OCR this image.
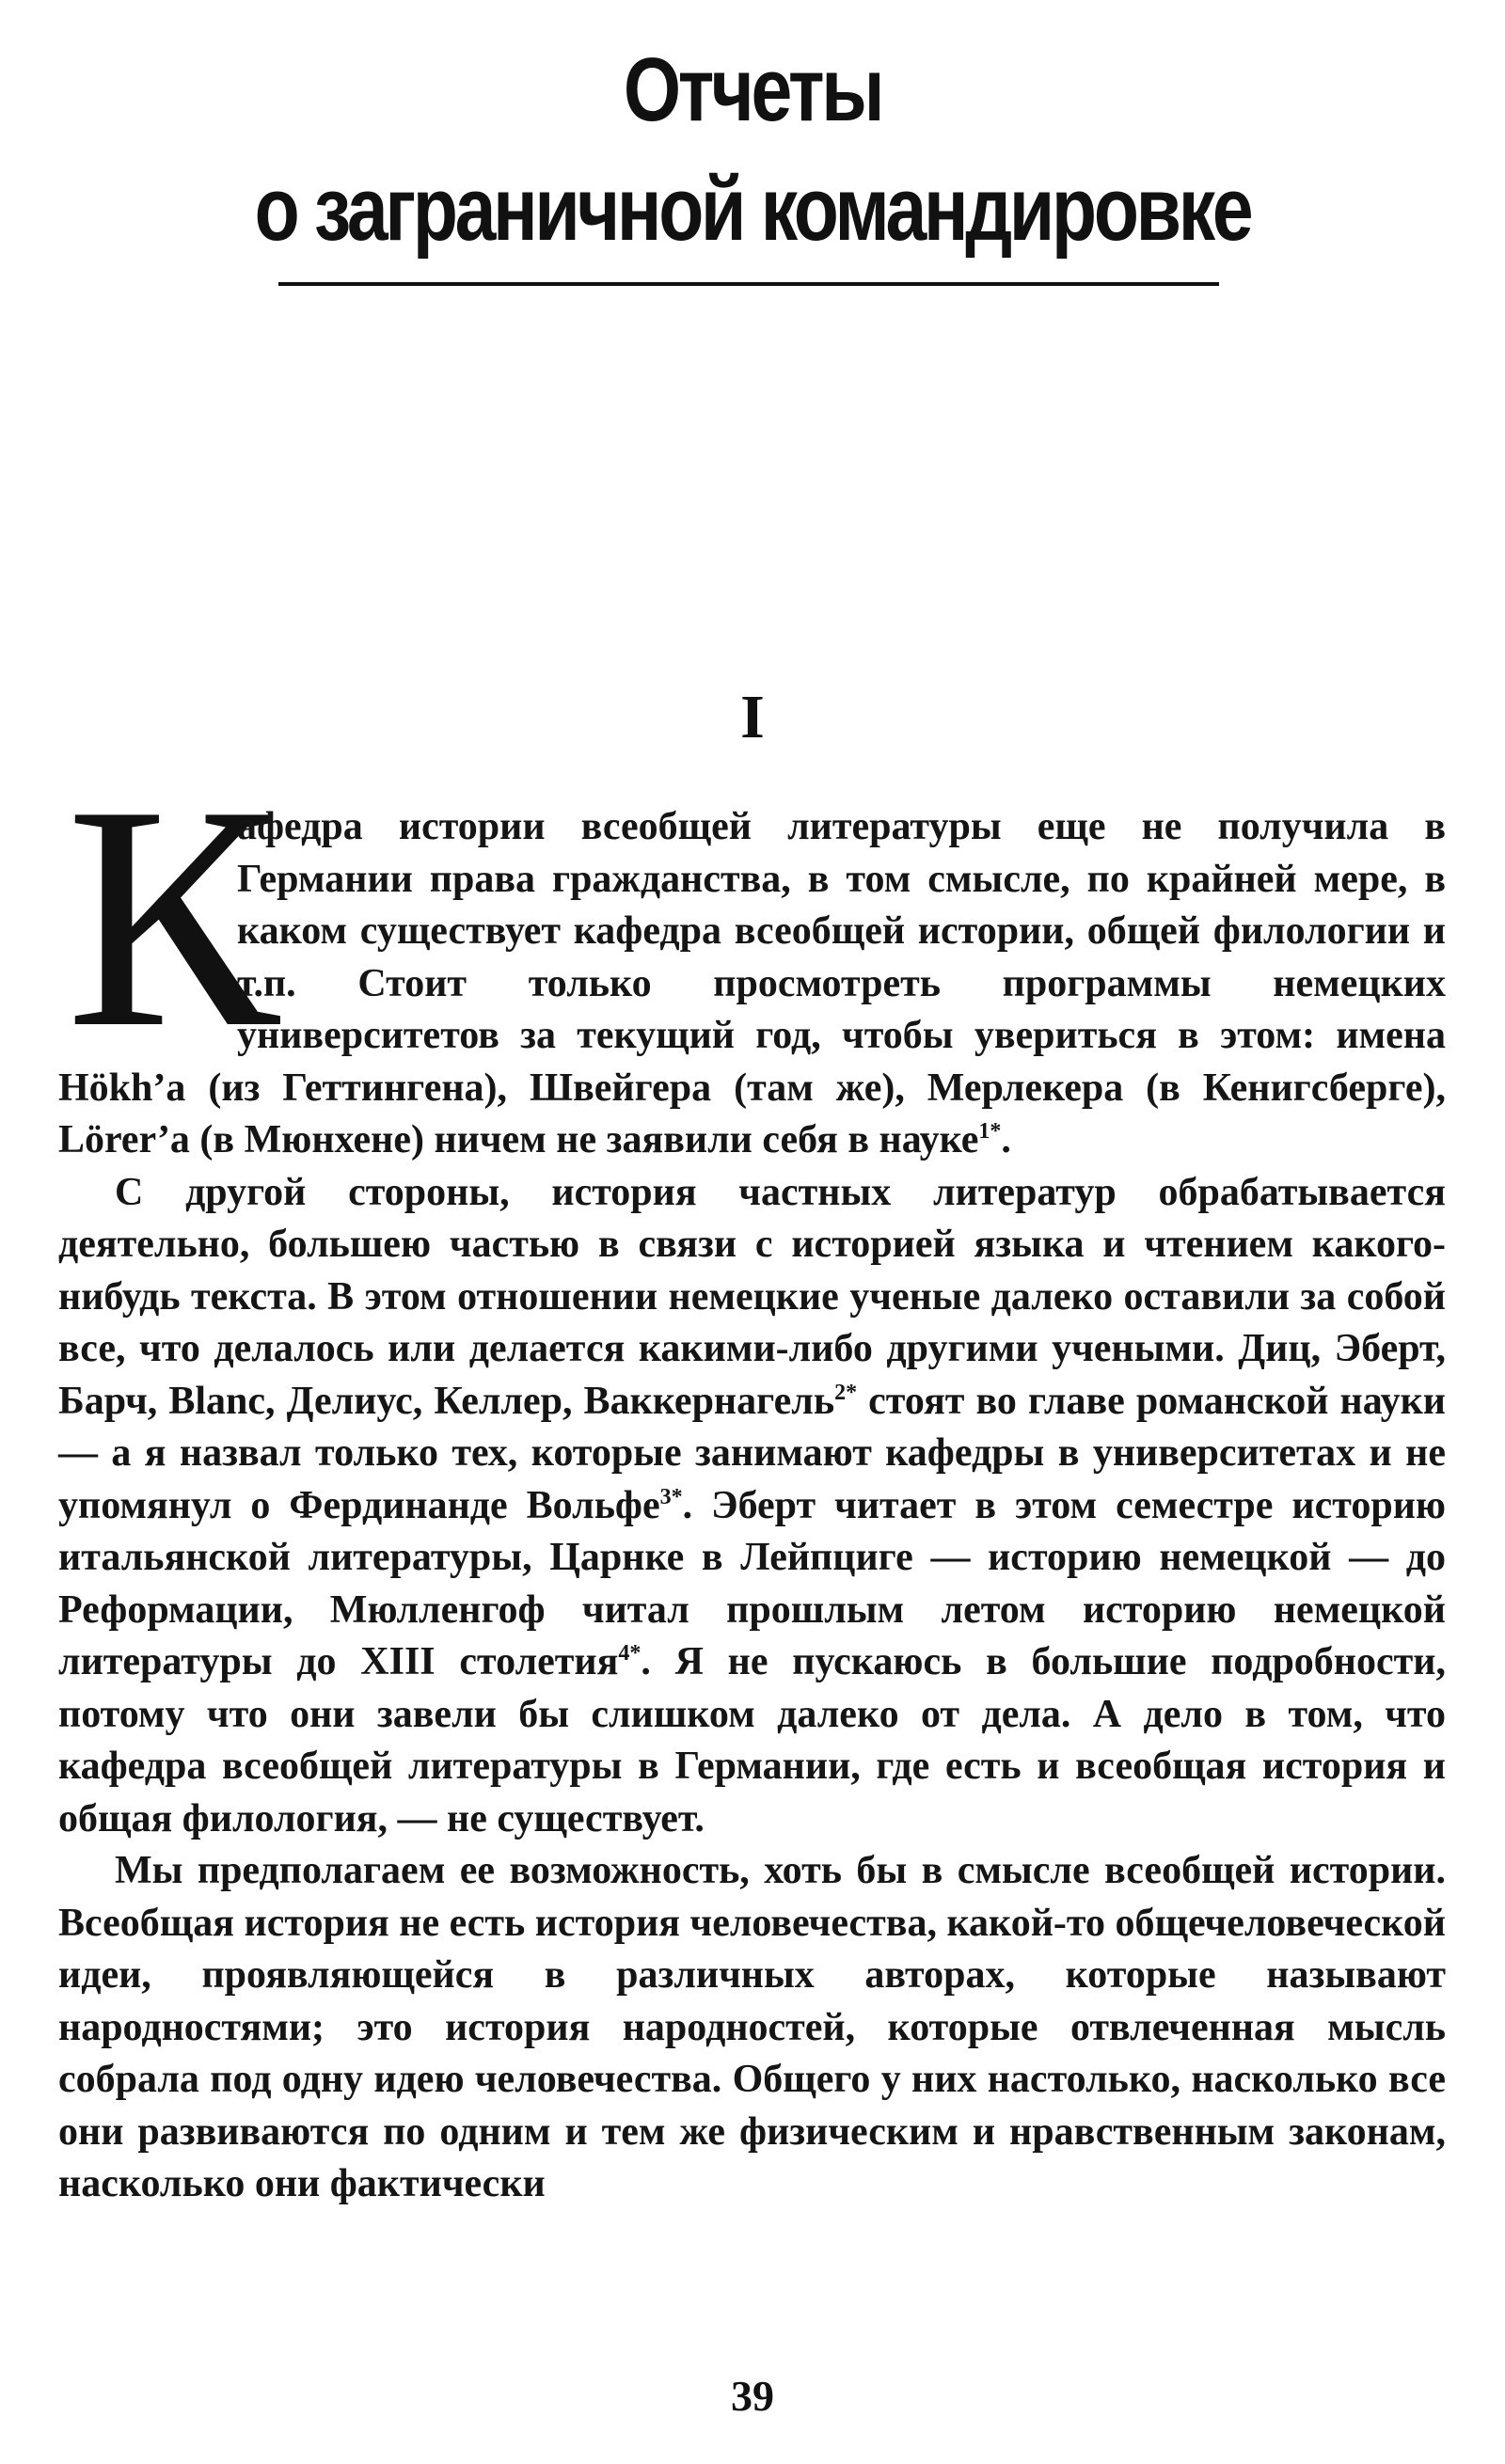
Отчеты
о заграничной командировке
I
К

афедра истории всеобщей литературы еще не получила в Германии права гражданства, в том смысле, по крайней мере, в каком существует кафедра всеобщей истории, общей филологии и т.п. Стоит только просмотреть программы немецких университетов за текущий год, чтобы увериться в этом: имена Hökh’a (из Геттингена), Швейгера (там же), Мерлекера (в Кенигсберге), Lörer’a (в Мюнхене) ничем не заявили себя в науке$^{1*}$.

С другой стороны, история частных литератур обрабатывается деятельно, большею частью в связи с историей языка и чтением какого-нибудь текста. В этом отношении немецкие ученые далеко оставили за собой все, что делалось или делается какими-либо другими учеными. Диц, Эберт, Барч, Blanc, Делиус, Келлер, Ваккернагель$^{2*}$ стоят во главе романской науки — а я назвал только тех, которые занимают кафедры в университетах и не упомянул о Фердинанде Вольфе$^{3*}$. Эберт читает в этом семестре историю итальянской литературы, Царнке в Лейпциге — историю немецкой — до Реформации, Мюлленгоф читал прошлым летом историю немецкой литературы до XIII столетия$^{4*}$. Я не пускаюсь в большие подробности, потому что они завели бы слишком далеко от дела. А дело в том, что кафедра всеобщей литературы в Германии, где есть и всеобщая история и общая филология, — не существует.

Мы предполагаем ее возможность, хоть бы в смысле всеобщей истории. Всеобщая история не есть история человечества, какой-то общечеловеческой идеи, проявляющейся в различных авторах, которые называют народностями; это история народностей, которые отвлеченная мысль собрала под одну идею человечества. Общего у них настолько, насколько все они развиваются по одним и тем же физическим и нравственным законам, насколько они фактически

39
